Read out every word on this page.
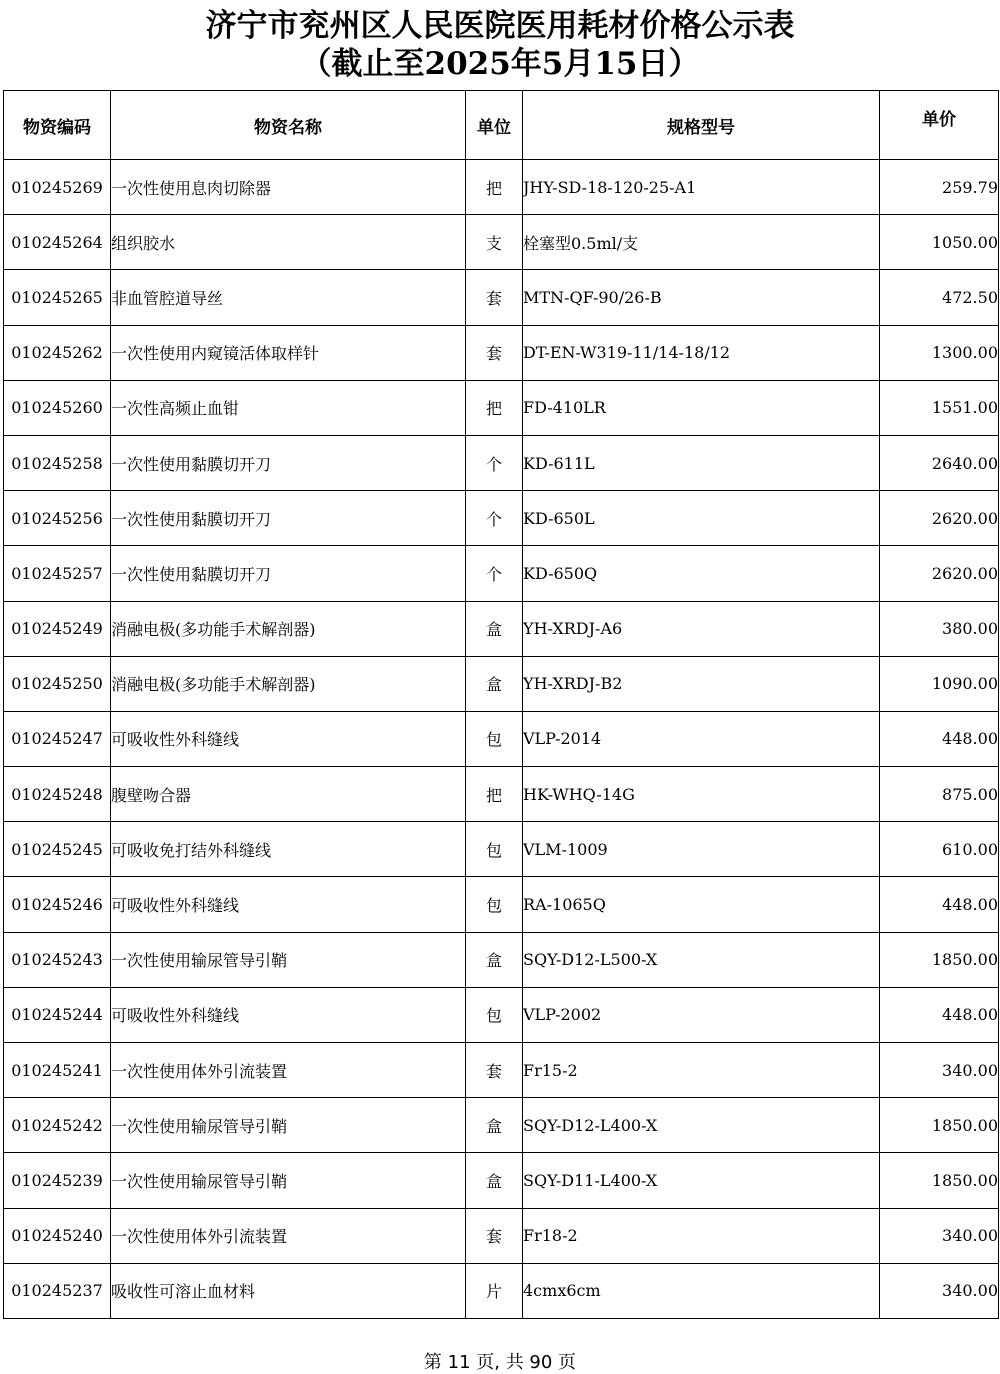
济宁市兖州区人民医院医用耗材价格公示表
（截止至2025年5月15日）
物资编码	物资名称	单位	规格型号	单价
010245269	一次性使用息肉切除器	把	JHY-SD-18-120-25-A1	259.79
010245264	组织胶水	支	栓塞型0.5ml/支	1050.00
010245265	非血管腔道导丝	套	MTN-QF-90/26-B	472.50
010245262	一次性使用内窥镜活体取样针	套	DT-EN-W319-11/14-18/12	1300.00
010245260	一次性高频止血钳	把	FD-410LR	1551.00
010245258	一次性使用黏膜切开刀	个	KD-611L	2640.00
010245256	一次性使用黏膜切开刀	个	KD-650L	2620.00
010245257	一次性使用黏膜切开刀	个	KD-650Q	2620.00
010245249	消融电极(多功能手术解剖器)	盒	YH-XRDJ-A6	380.00
010245250	消融电极(多功能手术解剖器)	盒	YH-XRDJ-B2	1090.00
010245247	可吸收性外科缝线	包	VLP-2014	448.00
010245248	腹壁吻合器	把	HK-WHQ-14G	875.00
010245245	可吸收免打结外科缝线	包	VLM-1009	610.00
010245246	可吸收性外科缝线	包	RA-1065Q	448.00
010245243	一次性使用输尿管导引鞘	盒	SQY-D12-L500-X	1850.00
010245244	可吸收性外科缝线	包	VLP-2002	448.00
010245241	一次性使用体外引流装置	套	Fr15-2	340.00
010245242	一次性使用输尿管导引鞘	盒	SQY-D12-L400-X	1850.00
010245239	一次性使用输尿管导引鞘	盒	SQY-D11-L400-X	1850.00
010245240	一次性使用体外引流装置	套	Fr18-2	340.00
010245237	吸收性可溶止血材料	片	4cmx6cm	340.00
第 11 页, 共 90 页
